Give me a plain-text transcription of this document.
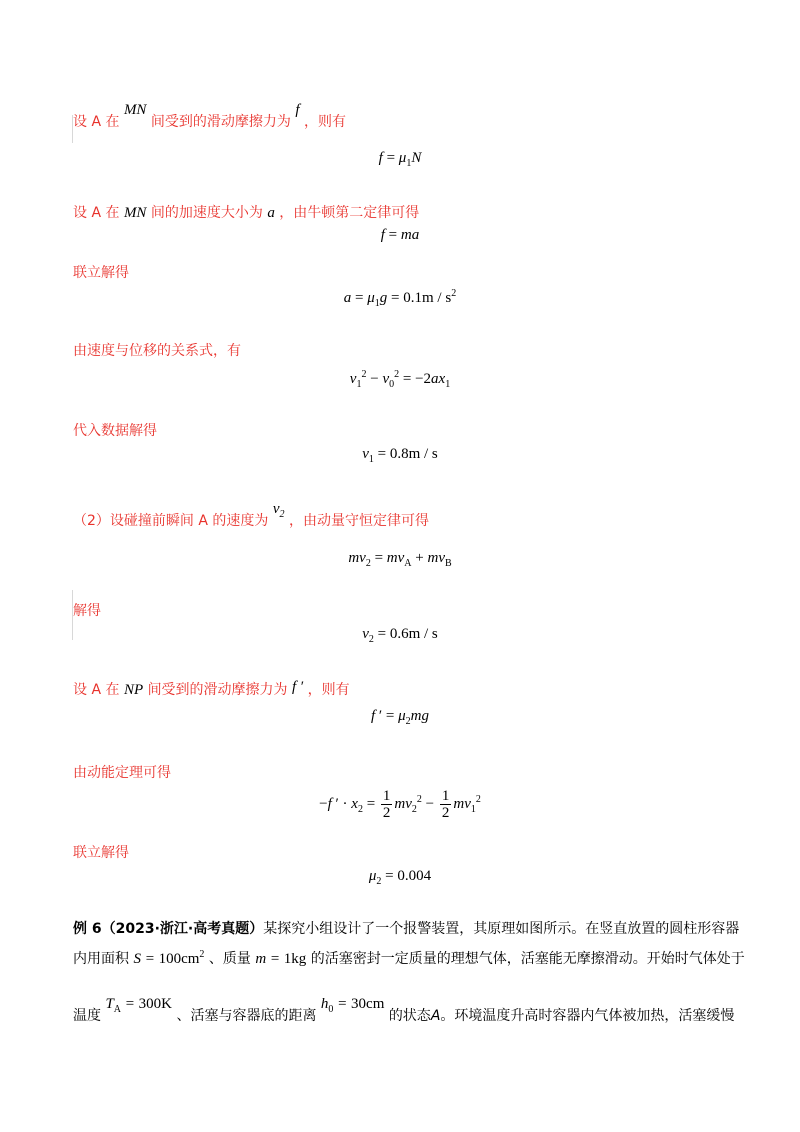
设 A 在 MN 间受到的滑动摩擦力为 f ，则有
$f = \mu_1N$
设 A 在 MN 间的加速度大小为 a ，由牛顿第二定律可得
f = ma
联立解得
$a = \mu_1g = 0.1m / s^2$
由速度与位移的关系式，有
$v_1^2 - v_0^2 = -2ax_1$
代入数据解得
$v_1 = 0.8m / s$
（2）设碰撞前瞬间 A 的速度为 $v_2$ ，由动量守恒定律可得
$mv_2 = mv_A + mv_B$
解得
$v_2 = 0.6m / s$
设 A 在 NP 间受到的滑动摩擦力为 f ′ ，则有
f ′ = $\mu_2mg$
由动能定理可得
−f ′ · $x_2 = \frac{1}{2} mv_2^2 - \frac{1}{2} mv_1^2$
联立解得
$\mu_2 = 0.004$
例 6（2023·浙江·高考真题）某探究小组设计了一个报警装置，其原理如图所示。在竖直放置的圆柱形容器
内用面积 $S = 100cm^2$ 、质量 m = 1kg 的活塞密封一定质量的理想气体，活塞能无摩擦滑动。开始时气体处于
温度 $T_A = 300K$ 、活塞与容器底的距离 $h_0 = 30cm$ 的状态A。环境温度升高时容器内气体被加热，活塞缓慢
